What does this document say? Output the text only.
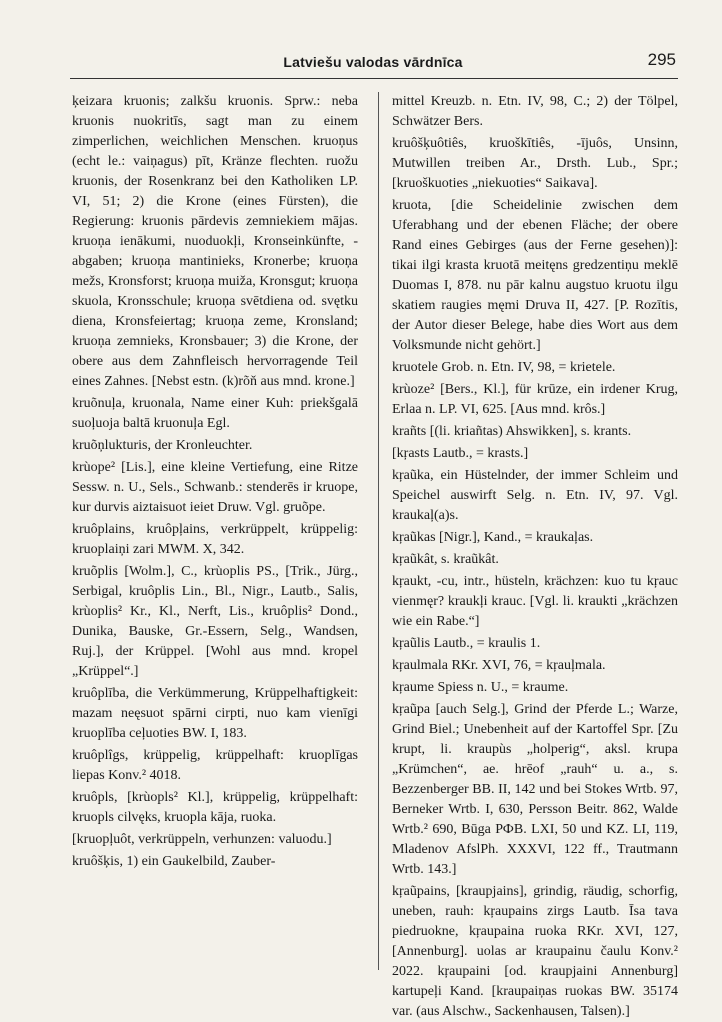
Latviešu valodas vārdnīca	295

ķeizara kruonis; zalkšu kruonis. Sprw.: neba kruonis nuokritīs, sagt man zu einem zimperlichen, weichlichen Menschen. kruoņus (echt le.: vaiņagus) pīt, Kränze flechten. ruožu kruonis, der Rosenkranz bei den Katholiken LP. VI, 51; 2) die Krone (eines Fürsten), die Regierung: kruonis pārdevis zemniekiem mājas. kruoņa ienākumi, nuoduokļi, Kronseinkünfte, -abgaben; kruoņa mantinieks, Kronerbe; kruoņa mežs, Kronsforst; kruoņa muiža, Kronsgut; kruoņa skuola, Kronsschule; kruoņa svētdiena od. svętku diena, Kronsfeiertag; kruoņa zeme, Kronsland; kruoņa zemnieks, Kronsbauer; 3) die Krone, der obere aus dem Zahnfleisch hervorragende Teil eines Zahnes. [Nebst estn. (k)rõň aus mnd. krone.]

kruõnuļa, kruonala, Name einer Kuh: priekšgalā suoļuoja baltā kruonuļa Egl.

kruõņlukturis, der Kronleuchter.

krùope² [Lis.], eine kleine Vertiefung, eine Ritze Sessw. n. U., Sels., Schwanb.: stenderēs ir kruope, kur durvis aiztaisuot ieiet Druw. Vgl. gruõpe.

kruôplains, kruôpļains, verkrüppelt, krüppelig: kruoplaiņi zari MWM. X, 342.

kruõplis [Wolm.], C., krùoplis PS., [Trik., Jürg., Serbigal, kruôplis Lin., Bl., Nigr., Lautb., Salis, krùoplis² Kr., Kl., Nerft, Lis., kruôplis² Dond., Dunika, Bauske, Gr.-Essern, Selg., Wandsen, Ruj.], der Krüppel. [Wohl aus mnd. kropel „Krüppel“.]

kruôplība, die Verkümmerung, Krüppelhaftigkeit: mazam neęsuot spārni cirpti, nuo kam vienīgi kruoplība ceļuoties BW. I, 183.

kruôplîgs, krüppelig, krüppelhaft: kruoplīgas liepas Konv.² 4018.

kruôpls, [krùopls² Kl.], krüppelig, krüppelhaft: kruopls cilvęks, kruopla kāja, ruoka.

[kruopļuôt, verkrüppeln, verhunzen: valuodu.]

kruôšķis, 1) ein Gaukelbild, Zauber-

mittel Kreuzb. n. Etn. IV, 98, C.; 2) der Tölpel, Schwätzer Bers.

kruôšķuôtiês, kruoškītiês, -ījuôs, Unsinn, Mutwillen treiben Ar., Drsth. Lub., Spr.; [kruoškuoties „niekuoties“ Saikava].

kruota, [die Scheidelinie zwischen dem Uferabhang und der ebenen Fläche; der obere Rand eines Gebirges (aus der Ferne gesehen)]: tikai ilgi krasta kruotā meitęns gredzentiņu meklē Duomas I, 878. nu pār kalnu augstuo kruotu ilgu skatiem raugies męmi Druva II, 427. [P. Rozītis, der Autor dieser Belege, habe dies Wort aus dem Volksmunde nicht gehört.]

kruotele Grob. n. Etn. IV, 98, = krietele.

krùoze² [Bers., Kl.], für krūze, ein irdener Krug, Erlaa n. LP. VI, 625. [Aus mnd. krôs.]

krañts [(li. kriañtas) Ahswikken], s. krants.

[kŗasts Lautb., = krasts.]

kŗaũka, ein Hüstelnder, der immer Schleim und Speichel auswirft Selg. n. Etn. IV, 97. Vgl. kraukaļ(a)s.

kŗaũkas [Nigr.], Kand., = kraukaļas.

kŗaũkât, s. kraũkât.

kŗaukt, -cu, intr., hüsteln, krächzen: kuo tu kŗauc vienmęr? kraukļi krauc. [Vgl. li. kraukti „krächzen wie ein Rabe.“]

kŗaũlis Lautb., = kraulis 1.

kŗaulmala RKr. XVI, 76, = kŗauļmala.

kŗaume Spiess n. U., = kraume.

kŗaũpa [auch Selg.], Grind der Pferde L.; Warze, Grind Biel.; Unebenheit auf der Kartoffel Spr. [Zu krupt, li. kraupùs „holperig“, aksl. krupa „Krümchen“, ae. hrēof „rauh“ u. a., s. Bezzenberger BB. II, 142 und bei Stokes Wrtb. 97, Berneker Wrtb. I, 630, Persson Beitr. 862, Walde Wrtb.² 690, Būga РФВ. LXI, 50 und KZ. LI, 119, Mladenov AfslPh. XXXVI, 122 ff., Trautmann Wrtb. 143.]

kŗaũpains, [kraupjains], grindig, räudig, schorfig, uneben, rauh: kŗaupains zirgs Lautb. Īsa tava piedruokne, kŗaupaina ruoka RKr. XVI, 127, [Annenburg]. uolas ar kraupainu čaulu Konv.² 2022. kŗaupaini [od. kraupjaini Annenburg] kartupeļi Kand. [kraupaiņas ruokas BW. 35174 var. (aus Alschw., Sackenhausen, Talsen).]
